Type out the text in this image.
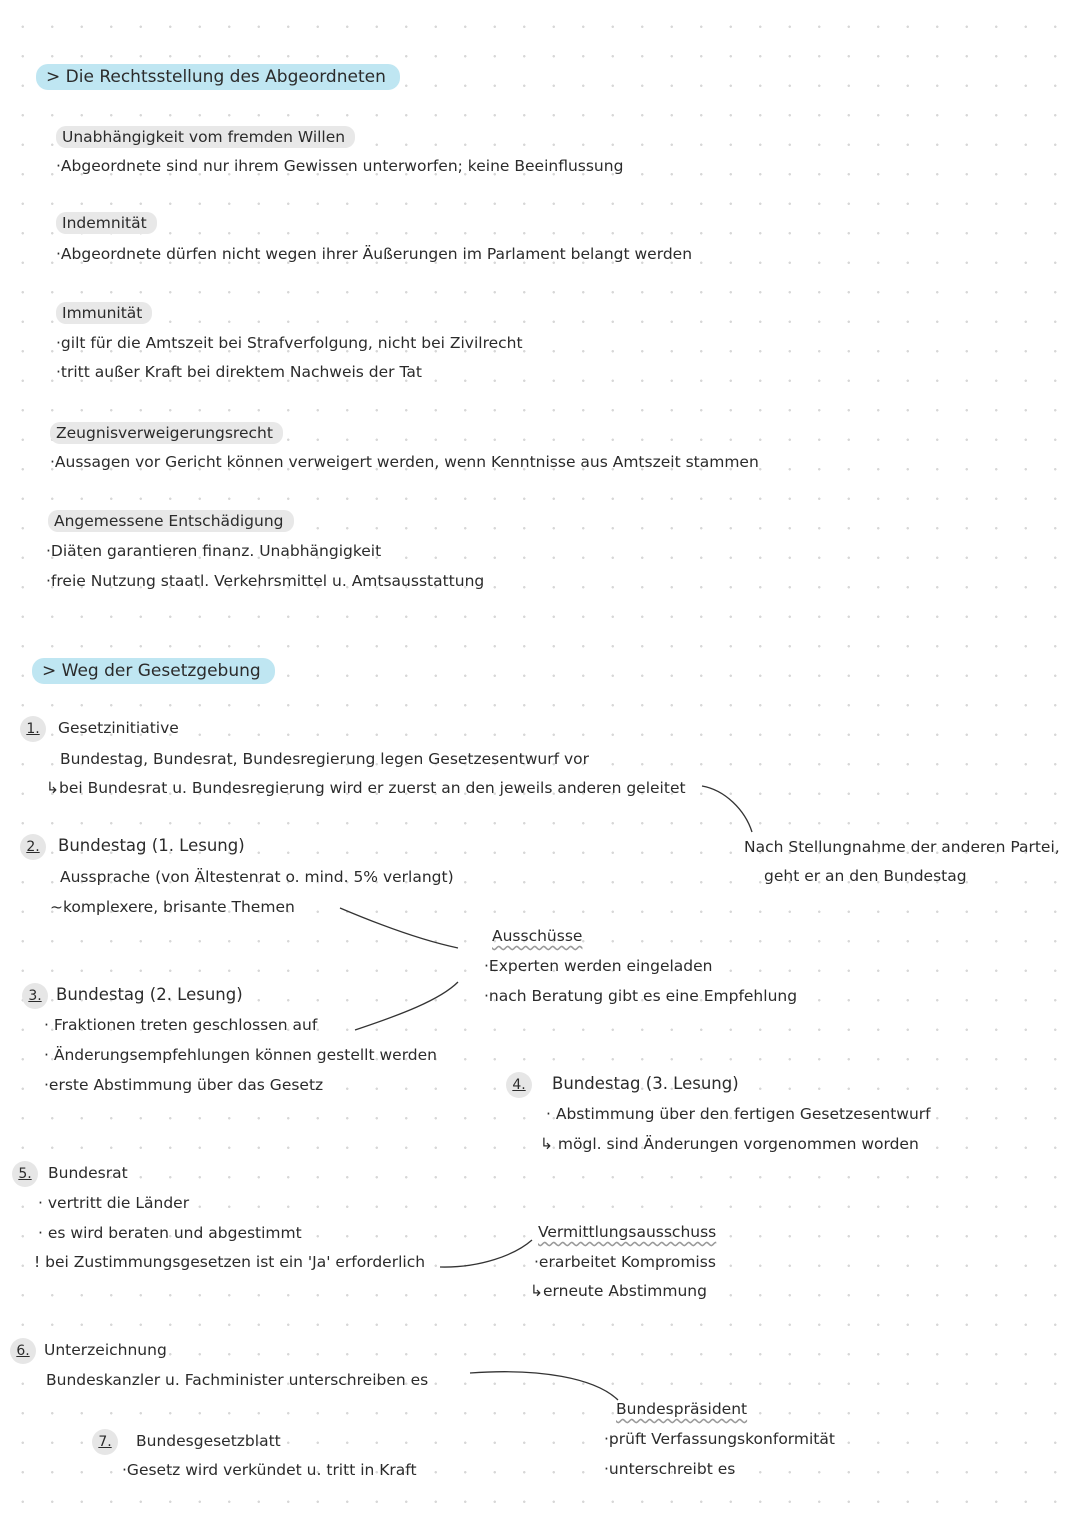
> Die Rechtsstellung des Abgeordneten
Unabhängigkeit vom fremden Willen
·Abgeordnete sind nur ihrem Gewissen unterworfen; keine Beeinflussung
Indemnität
·Abgeordnete dürfen nicht wegen ihrer Äußerungen im Parlament belangt werden
Immunität
·gilt für die Amtszeit bei Strafverfolgung, nicht bei Zivilrecht
·tritt außer Kraft bei direktem Nachweis der Tat
Zeugnisverweigerungsrecht
·Aussagen vor Gericht können verweigert werden, wenn Kenntnisse aus Amtszeit stammen
Angemessene Entschädigung
·Diäten garantieren finanz. Unabhängigkeit
·freie Nutzung staatl. Verkehrsmittel u. Amtsausstattung
> Weg der Gesetzgebung
1.	Gesetzinitiative
Bundestag, Bundesrat, Bundesregierung legen Gesetzesentwurf vor
↳bei Bundesrat u. Bundesregierung wird er zuerst an den jeweils anderen geleitet
Nach Stellungnahme der anderen Partei,
geht er an den Bundestag
2.	Bundestag (1. Lesung)
Aussprache (von Ältestenrat o. mind. 5% verlangt)
~komplexere, brisante Themen
Ausschüsse
·Experten werden eingeladen
·nach Beratung gibt es eine Empfehlung
3. Bundestag (2. Lesung)
· Fraktionen treten geschlossen auf
· Änderungsempfehlungen können gestellt werden
·erste Abstimmung über das Gesetz	4.	Bundestag (3. Lesung)
· Abstimmung über den fertigen Gesetzesentwurf
↳ mögl. sind Änderungen vorgenommen worden
5.	Bundesrat
· vertritt die Länder
· es wird beraten und abgestimmt
! bei Zustimmungsgesetzen ist ein 'Ja' erforderlich
Vermittlungsausschuss
·erarbeitet Kompromiss
↳erneute Abstimmung
6. Unterzeichnung
Bundeskanzler u. Fachminister unterschreiben es
Bundespräsident
·prüft Verfassungskonformität
·unterschreibt es
7.	Bundesgesetzblatt
·Gesetz wird verkündet u. tritt in Kraft
